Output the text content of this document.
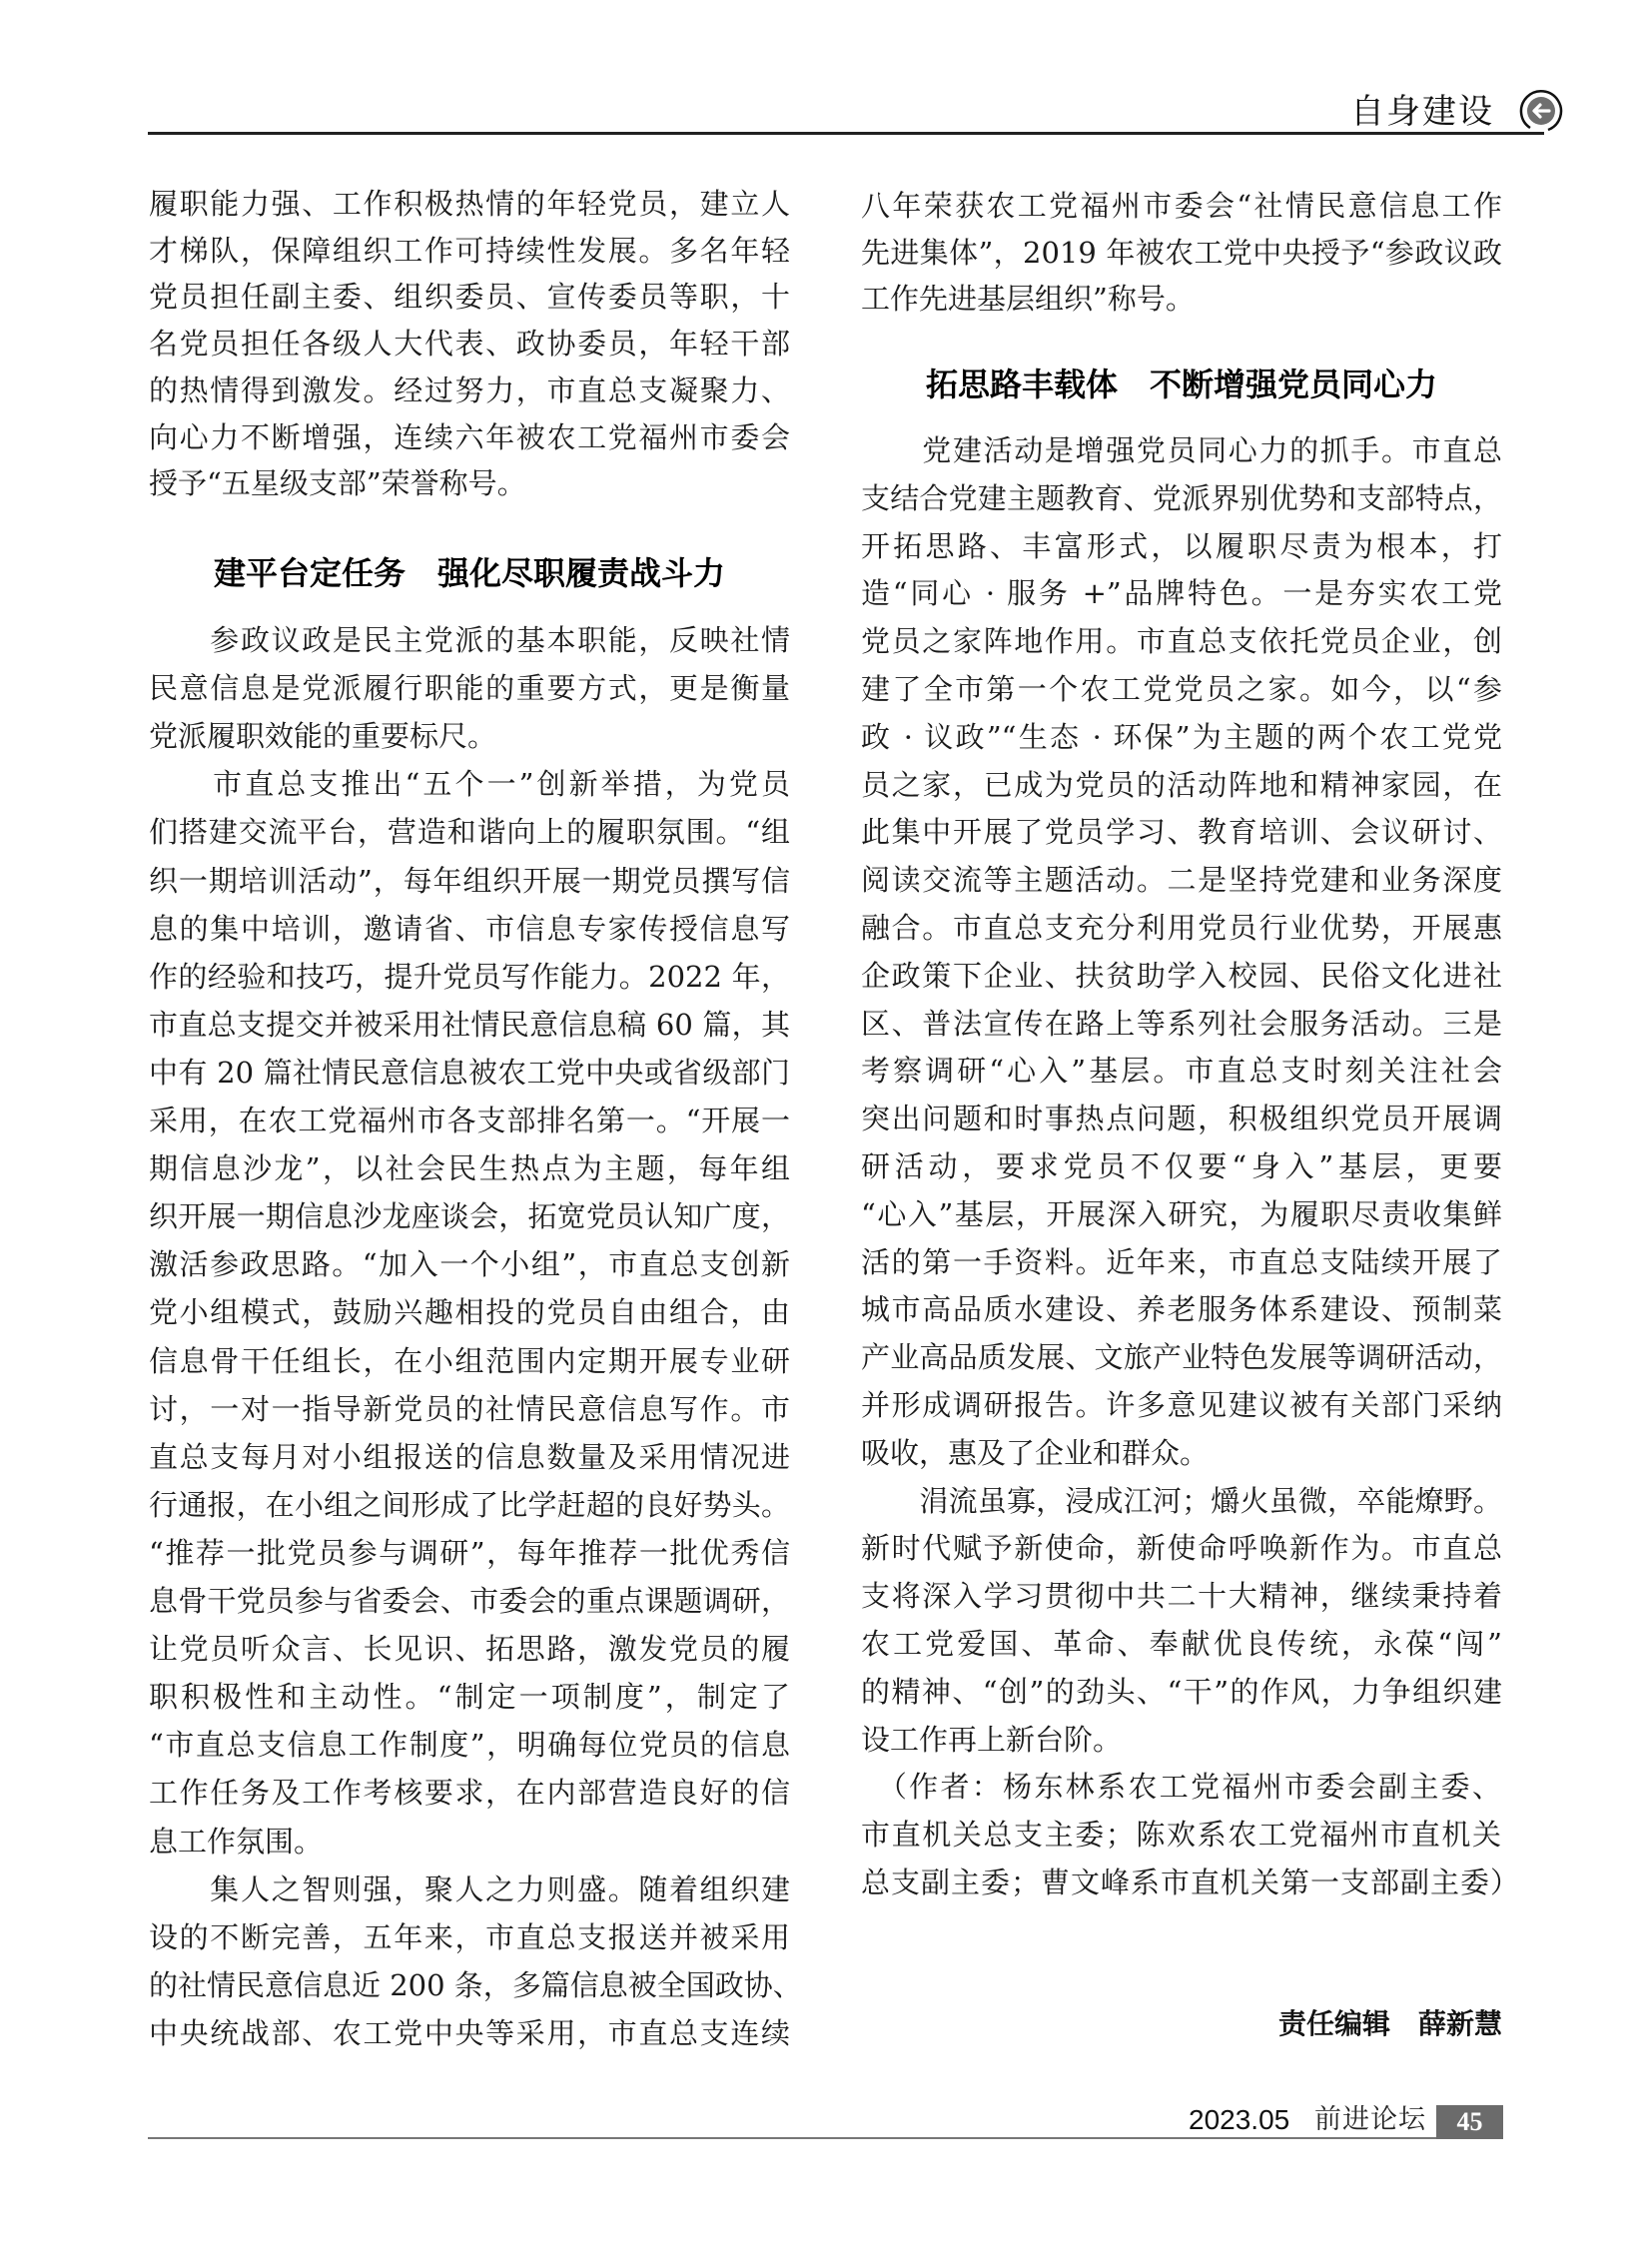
自身建设
履职能力强、工作积极热情的年轻党员，建立人
才梯队，保障组织工作可持续性发展。多名年轻
党员担任副主委、组织委员、宣传委员等职，十
名党员担任各级人大代表、政协委员，年轻干部
的热情得到激发。经过努力，市直总支凝聚力、
向心力不断增强，连续六年被农工党福州市委会
授予“五星级支部”荣誉称号。
建平台定任务　强化尽职履责战斗力
　　参政议政是民主党派的基本职能，反映社情
民意信息是党派履行职能的重要方式，更是衡量
党派履职效能的重要标尺。
　　市直总支推出“五个一”创新举措，为党员
们搭建交流平台，营造和谐向上的履职氛围。“组
织一期培训活动”，每年组织开展一期党员撰写信
息的集中培训，邀请省、市信息专家传授信息写
作的经验和技巧，提升党员写作能力。2022 年，
市直总支提交并被采用社情民意信息稿 60 篇，其
中有 20 篇社情民意信息被农工党中央或省级部门
采用，在农工党福州市各支部排名第一。“开展一
期信息沙龙”，以社会民生热点为主题，每年组
织开展一期信息沙龙座谈会，拓宽党员认知广度，
激活参政思路。“加入一个小组”，市直总支创新
党小组模式，鼓励兴趣相投的党员自由组合，由
信息骨干任组长，在小组范围内定期开展专业研
讨，一对一指导新党员的社情民意信息写作。市
直总支每月对小组报送的信息数量及采用情况进
行通报，在小组之间形成了比学赶超的良好势头。
“推荐一批党员参与调研”，每年推荐一批优秀信
息骨干党员参与省委会、市委会的重点课题调研，
让党员听众言、长见识、拓思路，激发党员的履
职积极性和主动性。“制定一项制度”，制定了
“市直总支信息工作制度”，明确每位党员的信息
工作任务及工作考核要求，在内部营造良好的信
息工作氛围。
　　集人之智则强，聚人之力则盛。随着组织建
设的不断完善，五年来，市直总支报送并被采用
的社情民意信息近 200 条，多篇信息被全国政协、
中央统战部、农工党中央等采用，市直总支连续
八年荣获农工党福州市委会“社情民意信息工作
先进集体”，2019 年被农工党中央授予“参政议政
工作先进基层组织”称号。
拓思路丰载体　不断增强党员同心力
　　党建活动是增强党员同心力的抓手。市直总
支结合党建主题教育、党派界别优势和支部特点，
开拓思路、丰富形式，以履职尽责为根本，打
造“同心 · 服务 +”品牌特色。一是夯实农工党
党员之家阵地作用。市直总支依托党员企业，创
建了全市第一个农工党党员之家。如今，以“参
政 · 议政”“生态 · 环保”为主题的两个农工党党
员之家，已成为党员的活动阵地和精神家园，在
此集中开展了党员学习、教育培训、会议研讨、
阅读交流等主题活动。二是坚持党建和业务深度
融合。市直总支充分利用党员行业优势，开展惠
企政策下企业、扶贫助学入校园、民俗文化进社
区、普法宣传在路上等系列社会服务活动。三是
考察调研“心入”基层。市直总支时刻关注社会
突出问题和时事热点问题，积极组织党员开展调
研活动，要求党员不仅要“身入”基层，更要
“心入”基层，开展深入研究，为履职尽责收集鲜
活的第一手资料。近年来，市直总支陆续开展了
城市高品质水建设、养老服务体系建设、预制菜
产业高品质发展、文旅产业特色发展等调研活动，
并形成调研报告。许多意见建议被有关部门采纳
吸收，惠及了企业和群众。
　　涓流虽寡，浸成江河；爝火虽微，卒能燎野。
新时代赋予新使命，新使命呼唤新作为。市直总
支将深入学习贯彻中共二十大精神，继续秉持着
农工党爱国、革命、奉献优良传统，永葆“闯”
的精神、“创”的劲头、“干”的作风，力争组织建
设工作再上新台阶。
　（作者：杨东林系农工党福州市委会副主委、
市直机关总支主委；陈欢系农工党福州市直机关
总支副主委；曹文峰系市直机关第一支部副主委）
责任编辑　薛新慧
2023.05 前进论坛	45
